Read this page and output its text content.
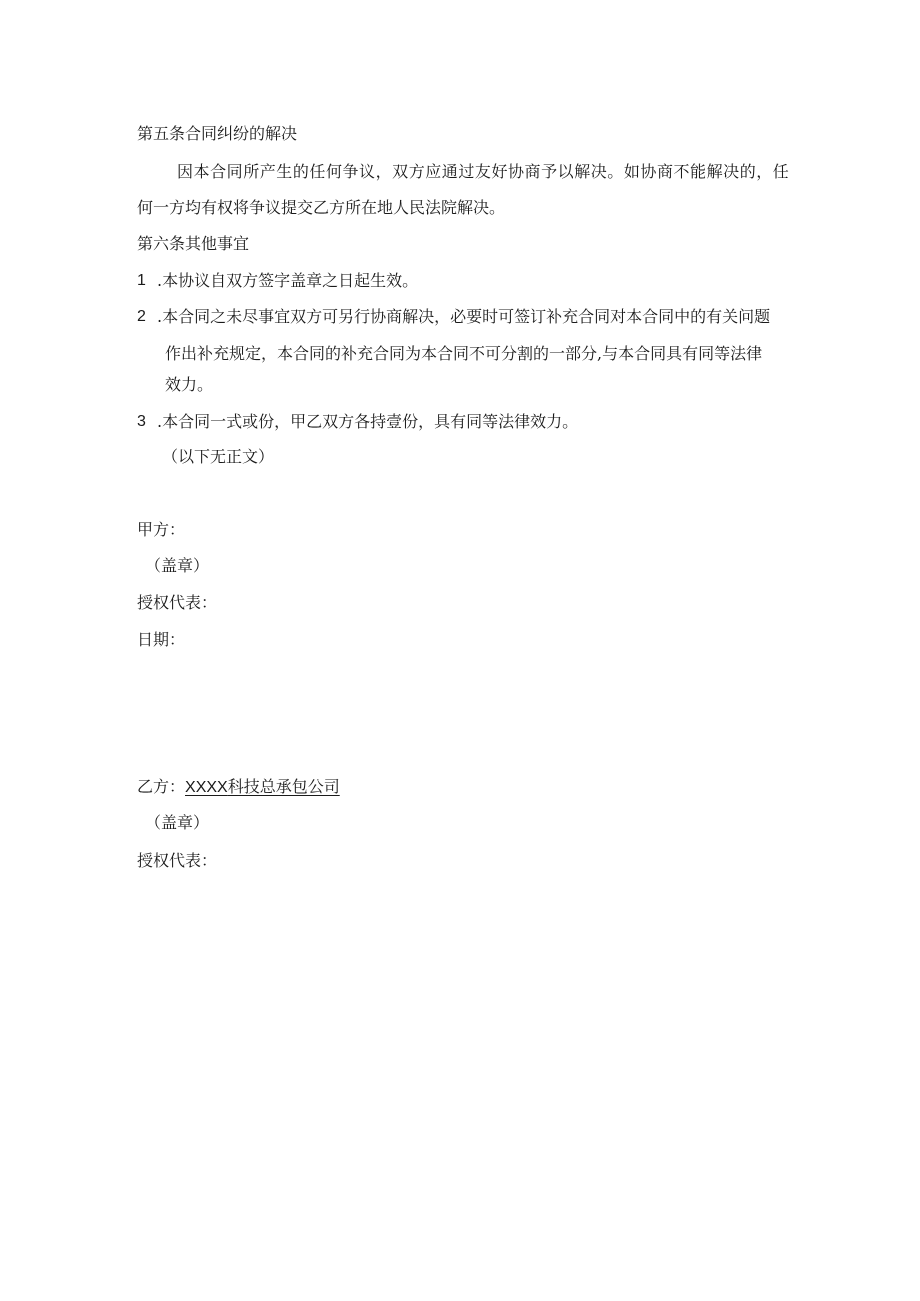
第五条合同纠纷的解决
因本合同所产生的任何争议，双方应通过友好协商予以解决。如协商不能解决的，任
何一方均有权将争议提交乙方所在地人民法院解决。
第六条其他事宜
1 .本协议自双方签字盖章之日起生效。
2 .本合同之未尽事宜双方可另行协商解决，必要时可签订补充合同对本合同中的有关问题
作出补充规定，本合同的补充合同为本合同不可分割的一部分,与本合同具有同等法律
效力。
3 .本合同一式或份，甲乙双方各持壹份，具有同等法律效力。
（以下无正文）
甲方：
（盖章）
授权代表：
日期：
乙方：XXXX科技总承包公司
（盖章）
授权代表：
